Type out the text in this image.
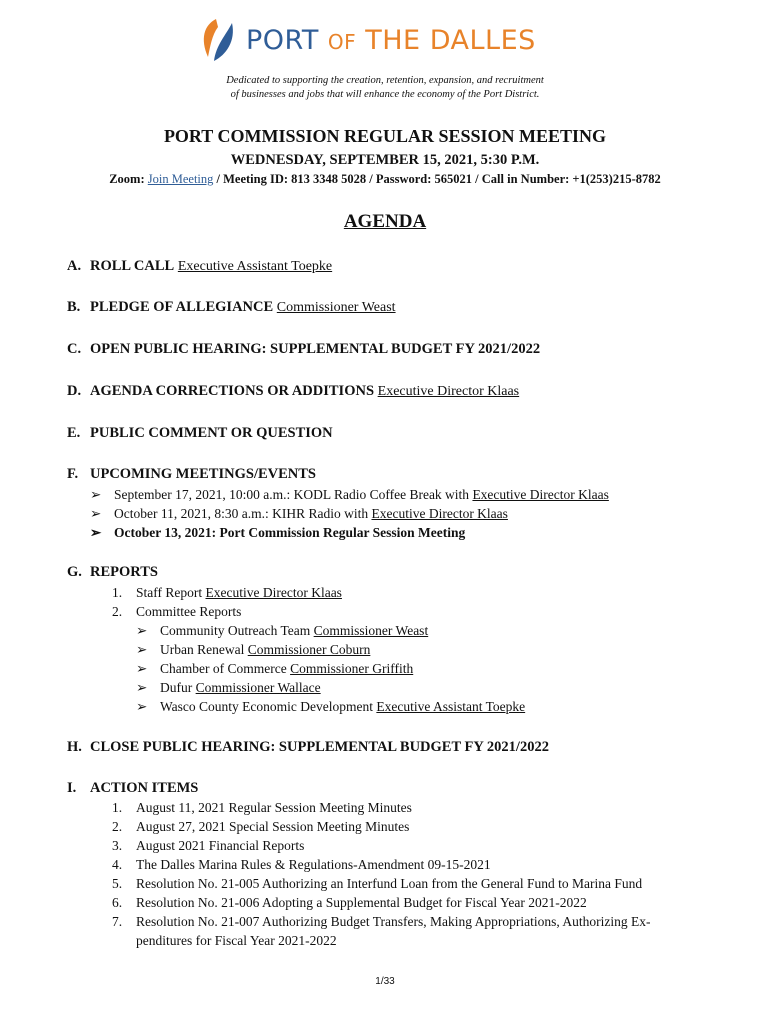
PORT OF THE DALLES
Dedicated to supporting the creation, retention, expansion, and recruitment
of businesses and jobs that will enhance the economy of the Port District.
PORT COMMISSION REGULAR SESSION MEETING
WEDNESDAY, SEPTEMBER 15, 2021, 5:30 P.M.
Zoom: Join Meeting / Meeting ID: 813 3348 5028 / Password: 565021 / Call in Number: +1(253)215-8782
AGENDA
A. ROLL CALL Executive Assistant Toepke
B. PLEDGE OF ALLEGIANCE Commissioner Weast
C. OPEN PUBLIC HEARING: SUPPLEMENTAL BUDGET FY 2021/2022
D. AGENDA CORRECTIONS OR ADDITIONS Executive Director Klaas
E. PUBLIC COMMENT OR QUESTION
F. UPCOMING MEETINGS/EVENTS
➢ September 17, 2021, 10:00 a.m.: KODL Radio Coffee Break with Executive Director Klaas
➢ October 11, 2021, 8:30 a.m.: KIHR Radio with Executive Director Klaas
➢ October 13, 2021: Port Commission Regular Session Meeting
G. REPORTS
1. Staff Report Executive Director Klaas
2. Committee Reports
➢ Community Outreach Team Commissioner Weast
➢ Urban Renewal Commissioner Coburn
➢ Chamber of Commerce Commissioner Griffith
➢ Dufur Commissioner Wallace
➢ Wasco County Economic Development Executive Assistant Toepke
H. CLOSE PUBLIC HEARING: SUPPLEMENTAL BUDGET FY 2021/2022
I. ACTION ITEMS
1. August 11, 2021 Regular Session Meeting Minutes
2. August 27, 2021 Special Session Meeting Minutes
3. August 2021 Financial Reports
4. The Dalles Marina Rules & Regulations-Amendment 09-15-2021
5. Resolution No. 21-005 Authorizing an Interfund Loan from the General Fund to Marina Fund
6. Resolution No. 21-006 Adopting a Supplemental Budget for Fiscal Year 2021-2022
7. Resolution No. 21-007 Authorizing Budget Transfers, Making Appropriations, Authorizing Ex-
penditures for Fiscal Year 2021-2022
1/33
